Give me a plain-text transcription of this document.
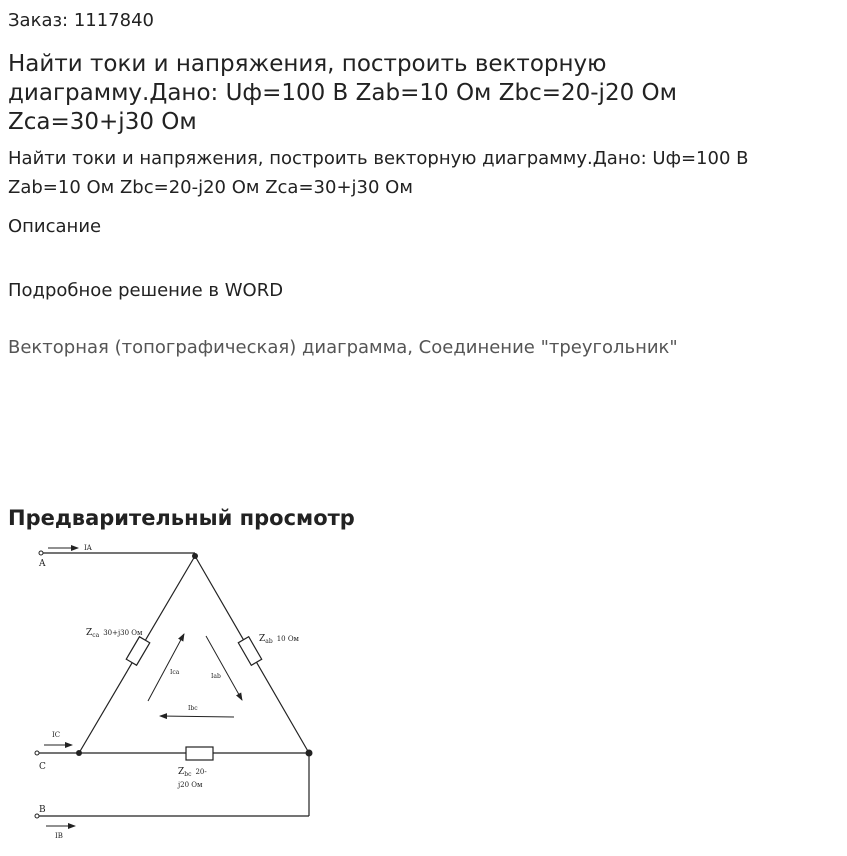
Заказ: 1117840
Найти токи и напряжения, построить векторную диаграмму.Дано: Uф=100 В Zab=10 Ом Zbc=20-j20 Ом Zca=30+j30 Ом
Найти токи и напряжения, построить векторную диаграмму.Дано: Uф=100 В Zab=10 Ом Zbc=20-j20 Ом Zca=30+j30 Ом
Описание
Подробное решение в WORD
Векторная (топографическая) диаграмма, Соединение "треугольник"
Предварительный просмотр
A
C
B
IA
IC
IB
$Z_{ca}$ $^{30+j30 Ом}$
$Z_{ab}$ $^{10 Ом}$
$Z_{bc}$ $^{20-}$
j20 Ом
Ica
Iab
Ibc
